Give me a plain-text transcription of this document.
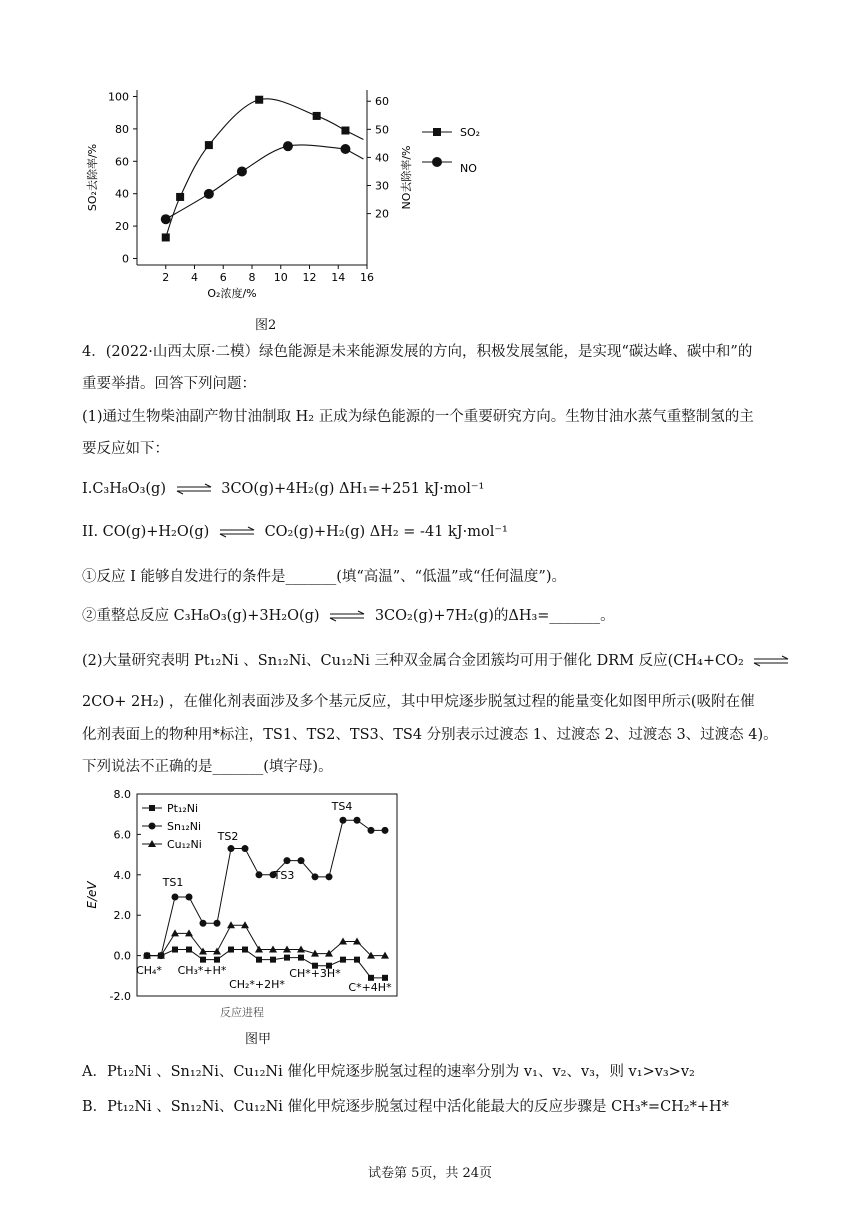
2 4 6 8 10 12 14 16
0
20
40
60
80
100
20
30
40
50
60
O₂浓度/%
SO₂去除率/%	NO去除率/%
SO₂
NO
图2
4．(2022·山西太原·二模）绿色能源是未来能源发展的方向，积极发展氢能，是实现“碳达峰、碳中和”的
重要举措。回答下列问题：
(1)通过生物柴油副产物甘油制取 H₂ 正成为绿色能源的一个重要研究方向。生物甘油水蒸气重整制氢的主
要反应如下：
I.C₃H₈O₃(g) ⇌ 3CO(g)+4H₂(g) ΔH₁=+251 kJ·mol⁻¹
II. CO(g)+H₂O(g) ⇌ CO₂(g)+H₂(g) ΔH₂ = -41 kJ·mol⁻¹
①反应 I 能够自发进行的条件是_______(填“高温”、“低温”或“任何温度”)。
②重整总反应 C₃H₈O₃(g)+3H₂O(g) ⇌ 3CO₂(g)+7H₂(g)的ΔH₃=_______。
(2)大量研究表明 Pt₁₂Ni 、Sn₁₂Ni、Cu₁₂Ni 三种双金属合金团簇均可用于催化 DRM 反应(CH₄+CO₂ ⇌
2CO+ 2H₂) ，在催化剂表面涉及多个基元反应，其中甲烷逐步脱氢过程的能量变化如图甲所示(吸附在催
化剂表面上的物种用*标注，TS1、TS2、TS3、TS4 分别表示过渡态 1、过渡态 2、过渡态 3、过渡态 4)。
下列说法不正确的是_______(填字母)。
8.0
6.0
4.0
2.0
0.0
-2.0
E/eV
反应进程
Pt₁₂Ni
Sn₁₂Ni
Cu₁₂Ni
TS1
TS2
TS3
TS4
CH₄* CH₃*+H*
CH₂*+2H*
CH*+3H*
C*+4H*
图甲
A．Pt₁₂Ni 、Sn₁₂Ni、Cu₁₂Ni 催化甲烷逐步脱氢过程的速率分别为 v₁、v₂、v₃，则 v₁>v₃>v₂
B．Pt₁₂Ni 、Sn₁₂Ni、Cu₁₂Ni 催化甲烷逐步脱氢过程中活化能最大的反应步骤是 CH₃*=CH₂*+H*
试卷第 5页，共 24页
